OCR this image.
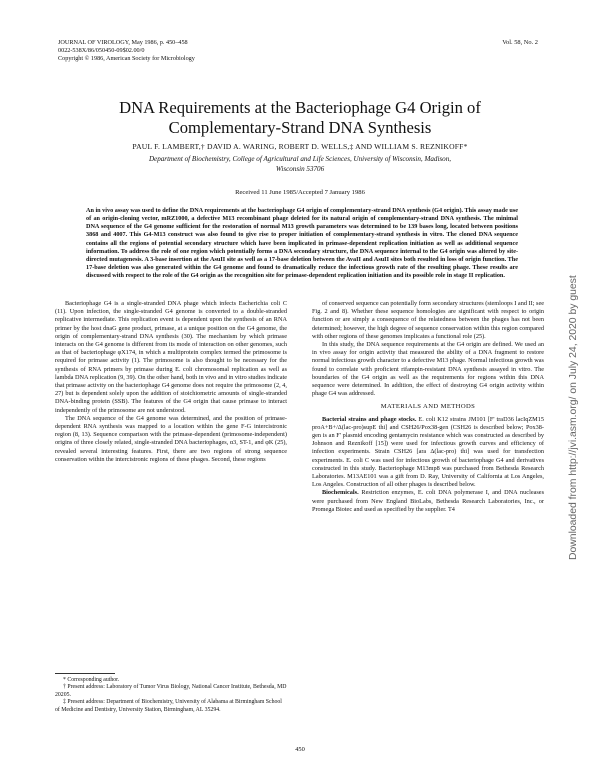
JOURNAL OF VIROLOGY, May 1986, p. 450–458
0022-538X/86/050450-09$02.00/0
Copyright © 1986, American Society for Microbiology
Vol. 58, No. 2
DNA Requirements at the Bacteriophage G4 Origin of
Complementary-Strand DNA Synthesis
PAUL F. LAMBERT,† DAVID A. WARING, ROBERT D. WELLS,‡ AND WILLIAM S. REZNIKOFF*
Department of Biochemistry, College of Agricultural and Life Sciences, University of Wisconsin, Madison,
Wisconsin 53706
Received 11 June 1985/Accepted 7 January 1986
An in vivo assay was used to define the DNA requirements at the bacteriophage G4 origin of complementary-strand DNA synthesis (G4 origin). This assay made use of an origin-cloning vector, mRZ1000, a defective M13 recombinant phage deleted for its natural origin of complementary-strand DNA synthesis. The minimal DNA sequence of the G4 genome sufficient for the restoration of normal M13 growth parameters was determined to be 139 bases long, located between positions 3868 and 4007. This G4-M13 construct was also found to give rise to proper initiation of complementary-strand synthesis in vitro. The cloned DNA sequence contains all the regions of potential secondary structure which have been implicated in primase-dependent replication initiation as well as additional sequence information. To address the role of one region which potentially forms a DNA secondary structure, the DNA sequence internal to the G4 origin was altered by site-directed mutagenesis. A 3-base insertion at the AsuII site as well as a 17-base deletion between the AvaII and AsuII sites both resulted in loss of origin function. The 17-base deletion was also generated within the G4 genome and found to dramatically reduce the infectious growth rate of the resulting phage. These results are discussed with respect to the role of the G4 origin as the recognition site for primase-dependent replication initiation and its possible role in stage II replication.

Bacteriophage G4 is a single-stranded DNA phage which infects Escherichia coli C (11). Upon infection, the single-stranded G4 genome is converted to a double-stranded replicative intermediate. This replication event is dependent upon the synthesis of an RNA primer by the host dnaG gene product, primase, at a unique position on the G4 genome, the origin of complementary-strand DNA synthesis (30). The mechanism by which primase interacts on the G4 genome is different from its mode of interaction on other genomes, such as that of bacteriophage φX174, in which a multiprotein complex termed the primosome is required for primase activity (1). The primosome is also thought to be necessary for the synthesis of RNA primers by primase during E. coli chromosomal replication as well as lambda DNA replication (9, 39). On the other hand, both in vivo and in vitro studies indicate that primase activity on the bacteriophage G4 genome does not require the primosome (2, 4, 27) but is dependent solely upon the addition of stoichiometric amounts of single-stranded DNA-binding protein (SSB). The features of the G4 origin that cause primase to interact independently of the primosome are not understood.

The DNA sequence of the G4 genome was determined, and the position of primase-dependent RNA synthesis was mapped to a location within the gene F-G intercistronic region (8, 13). Sequence comparison with the primase-dependent (primosome-independent) origins of three closely related, single-stranded DNA bacteriophages, α3, ST-1, and φK (25), revealed several interesting features. First, there are two regions of strong sequence conservation within the intercistronic regions of these phages. Second, these regions

* Corresponding author.

† Present address: Laboratory of Tumor Virus Biology, National Cancer Institute, Bethesda, MD 20205.

‡ Present address: Department of Biochemistry, University of Alabama at Birmingham School of Medicine and Dentistry, University Station, Birmingham, AL 35294.

of conserved sequence can potentially form secondary structures (stemloops I and II; see Fig. 2 and 8). Whether these sequence homologies are significant with respect to origin function or are simply a consequence of the relatedness between the phages has not been determined; however, the high degree of sequence conservation within this region compared with other regions of these genomes implicates a functional role (25).

In this study, the DNA sequence requirements at the G4 origin are defined. We used an in vivo assay for origin activity that measured the ability of a DNA fragment to restore normal infectious growth character to a defective M13 phage. Normal infectious growth was found to correlate with proficient rifampin-resistant DNA synthesis assayed in vitro. The boundaries of the G4 origin as well as the requirements for regions within this DNA sequence were determined. In addition, the effect of destroying G4 origin activity within phage G4 was addressed.

MATERIALS AND METHODS

Bacterial strains and phage stocks. E. coli K12 strains JM101 [F' traD36 lacIqZM15 proA+B+/Δ(lac-pro)supE thi] and CSH26/Pox38-gen (CSH26 is described below; Pox38-gen is an F' plasmid encoding gentamycin resistance which was constructed as described by Johnson and Reznikoff [15]) were used for infectious growth curves and efficiency of infection experiments. Strain CSH26 [ara Δ(lac-pro) thi] was used for transfection experiments. E. coli C was used for infectious growth of bacteriophage G4 and derivatives constructed in this study. Bacteriophage M13mp8 was purchased from Bethesda Research Laboratories. M13AE101 was a gift from D. Ray, University of California at Los Angeles, Los Angeles. Construction of all other phages is described below.

Biochemicals. Restriction enzymes, E. coli DNA polymerase I, and DNA nucleases were purchased from New England BioLabs, Bethesda Research Laboratories, Inc., or Promega Biotec and used as specified by the supplier. T4

450
Downloaded from http://jvi.asm.org/ on July 24, 2020 by guest
